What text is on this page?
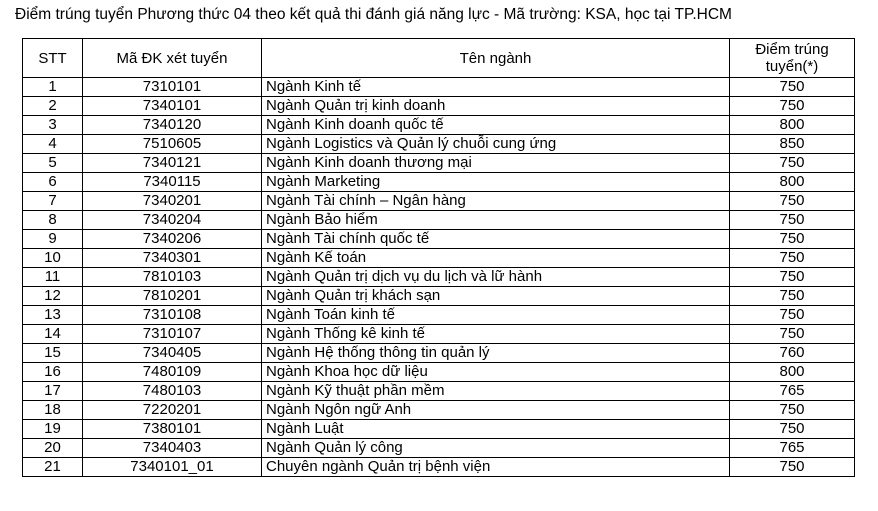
Điểm trúng tuyển Phương thức 04 theo kết quả thi đánh giá năng lực - Mã trường: KSA, học tại TP.HCM
STT	Mã ĐK xét tuyển	Tên ngành	Điểm trúng tuyển(*)
1	7310101	Ngành Kinh tế	750
2	7340101	Ngành Quản trị kinh doanh	750
3	7340120	Ngành Kinh doanh quốc tế	800
4	7510605	Ngành Logistics và Quản lý chuỗi cung ứng	850
5	7340121	Ngành Kinh doanh thương mại	750
6	7340115	Ngành Marketing	800
7	7340201	Ngành Tài chính – Ngân hàng	750
8	7340204	Ngành Bảo hiểm	750
9	7340206	Ngành Tài chính quốc tế	750
10	7340301	Ngành Kế toán	750
11	7810103	Ngành Quản trị dịch vụ du lịch và lữ hành	750
12	7810201	Ngành Quản trị khách sạn	750
13	7310108	Ngành Toán kinh tế	750
14	7310107	Ngành Thống kê kinh tế	750
15	7340405	Ngành Hệ thống thông tin quản lý	760
16	7480109	Ngành Khoa học dữ liệu	800
17	7480103	Ngành Kỹ thuật phần mềm	765
18	7220201	Ngành Ngôn ngữ Anh	750
19	7380101	Ngành Luật	750
20	7340403	Ngành Quản lý công	765
21	7340101_01	Chuyên ngành Quản trị bệnh viện	750
